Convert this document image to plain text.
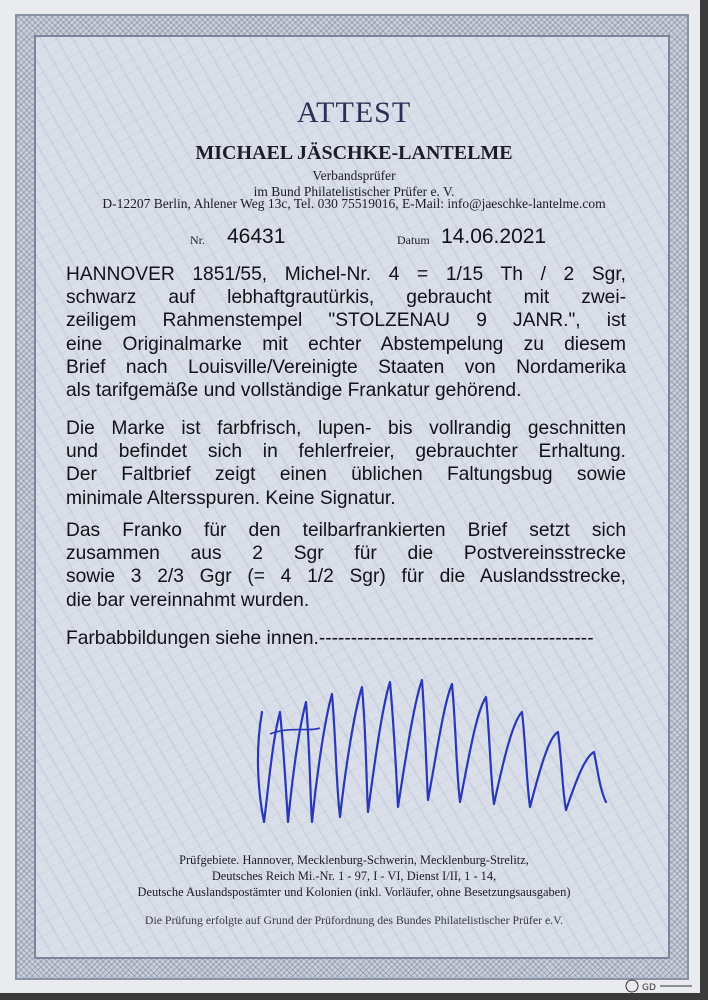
ATTEST
MICHAEL JÄSCHKE-LANTELME
Verbandsprüfer
im Bund Philatelistischer Prüfer e. V.
D-12207 Berlin, Ahlener Weg 13c, Tel. 030 75519016, E-Mail: info@jaeschke-lantelme.com
Nr. 46431	Datum 14.06.2021
HANNOVER 1851/55, Michel-Nr. 4 = 1/15 Th / 2 Sgr,
schwarz auf lebhaftgrautürkis, gebraucht mit zwei-
zeiligem Rahmenstempel "STOLZENAU 9 JANR.", ist
eine Originalmarke mit echter Abstempelung zu diesem
Brief nach Louisville/Vereinigte Staaten von Nordamerika
als tarifgemäße und vollständige Frankatur gehörend.
Die Marke ist farbfrisch, lupen- bis vollrandig geschnitten
und befindet sich in fehlerfreier, gebrauchter Erhaltung.
Der Faltbrief zeigt einen üblichen Faltungsbug sowie
minimale Altersspuren. Keine Signatur.
Das Franko für den teilbarfrankierten Brief setzt sich
zusammen aus 2 Sgr für die Postvereinsstrecke
sowie 3 2/3 Ggr (= 4 1/2 Sgr) für die Auslandsstrecke,
die bar vereinnahmt wurden.
Farbabbildungen siehe innen.-------------------------------------------
Prüfgebiete. Hannover, Mecklenburg-Schwerin, Mecklenburg-Strelitz,
Deutsches Reich Mi.-Nr. 1 - 97, I - VI, Dienst I/II, 1 - 14,
Deutsche Auslandspostämter und Kolonien (inkl. Vorläufer, ohne Besetzungsausgaben)
Die Prüfung erfolgte auf Grund der Prüfordnung des Bundes Philatelistischer Prüfer e.V.
GD
